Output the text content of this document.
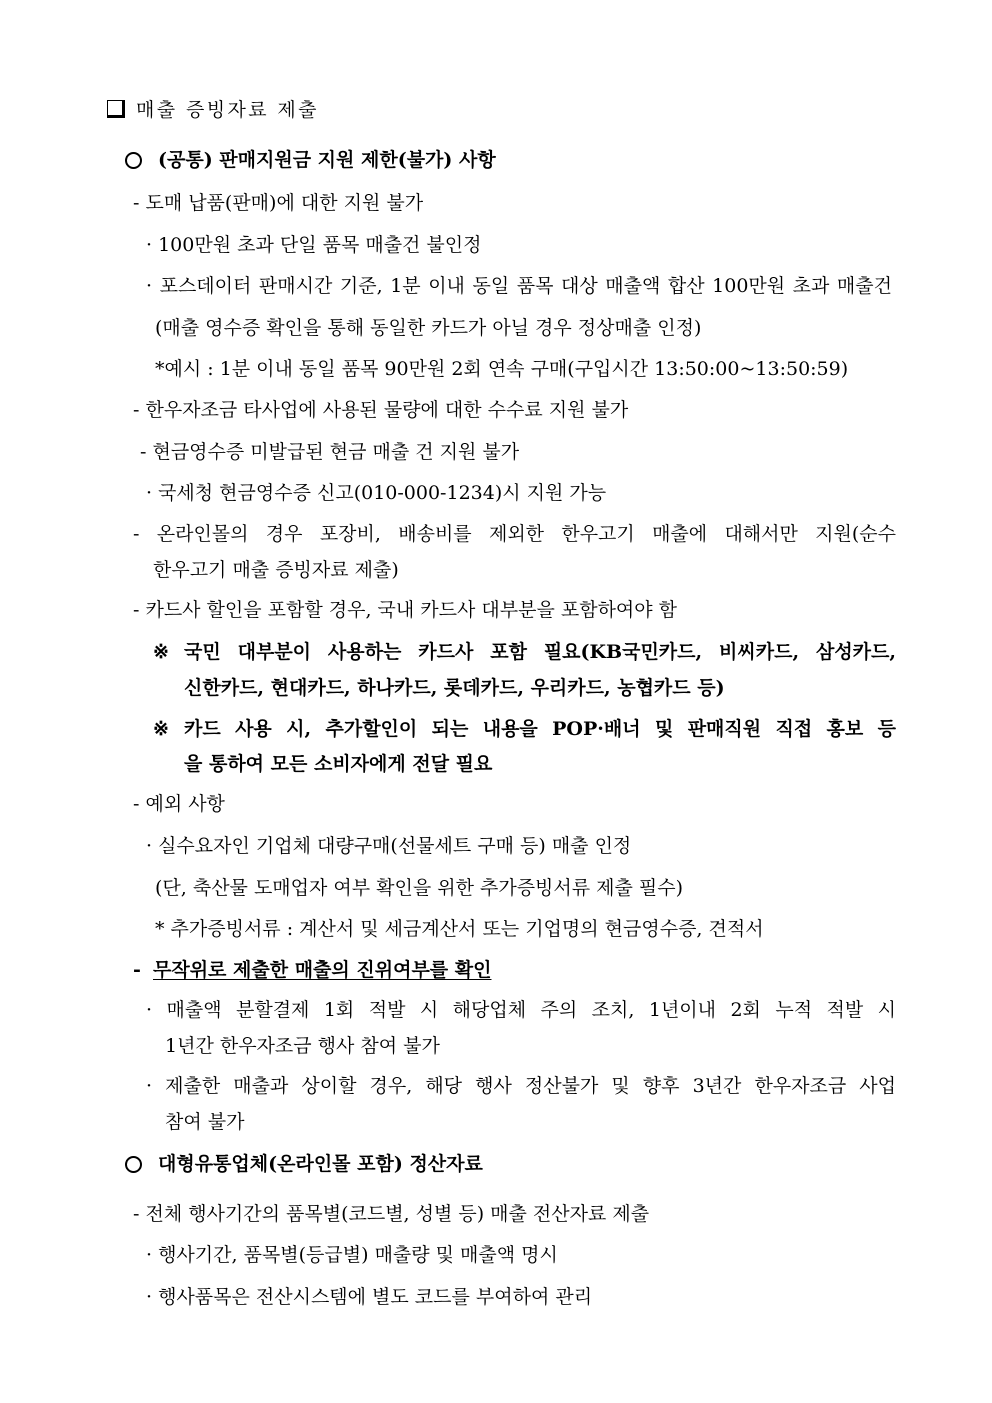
매출 증빙자료 제출
(공통) 판매지원금 지원 제한(불가) 사항
- 도매 납품(판매)에 대한 지원 불가
· 100만원 초과 단일 품목 매출건 불인정
· 포스데이터 판매시간 기준, 1분 이내 동일 품목 대상 매출액 합산 100만원 초과 매출건
(매출 영수증 확인을 통해 동일한 카드가 아닐 경우 정상매출 인정)
*예시 : 1분 이내 동일 품목 90만원 2회 연속 구매(구입시간 13:50:00~13:50:59)
- 한우자조금 타사업에 사용된 물량에 대한 수수료 지원 불가
- 현금영수증 미발급된 현금 매출 건 지원 불가
· 국세청 현금영수증 신고(010-000-1234)시 지원 가능
- 온라인몰의 경우 포장비, 배송비를 제외한 한우고기 매출에 대해서만 지원(순수
한우고기 매출 증빙자료 제출)
- 카드사 할인을 포함할 경우, 국내 카드사 대부분을 포함하여야 함
※ 국민 대부분이 사용하는 카드사 포함 필요(KB국민카드, 비씨카드, 삼성카드,
신한카드, 현대카드, 하나카드, 롯데카드, 우리카드, 농협카드 등)
※ 카드 사용 시, 추가할인이 되는 내용을 POP·배너 및 판매직원 직접 홍보 등
을 통하여 모든 소비자에게 전달 필요
- 예외 사항
· 실수요자인 기업체 대량구매(선물세트 구매 등) 매출 인정
(단, 축산물 도매업자 여부 확인을 위한 추가증빙서류 제출 필수)
* 추가증빙서류 : 계산서 및 세금계산서 또는 기업명의 현금영수증, 견적서
- 무작위로 제출한 매출의 진위여부를 확인
· 매출액 분할결제 1회 적발 시 해당업체 주의 조치, 1년이내 2회 누적 적발 시
1년간 한우자조금 행사 참여 불가
· 제출한 매출과 상이할 경우, 해당 행사 정산불가 및 향후 3년간 한우자조금 사업
참여 불가
대형유통업체(온라인몰 포함) 정산자료
- 전체 행사기간의 품목별(코드별, 성별 등) 매출 전산자료 제출
· 행사기간, 품목별(등급별) 매출량 및 매출액 명시
· 행사품목은 전산시스템에 별도 코드를 부여하여 관리
